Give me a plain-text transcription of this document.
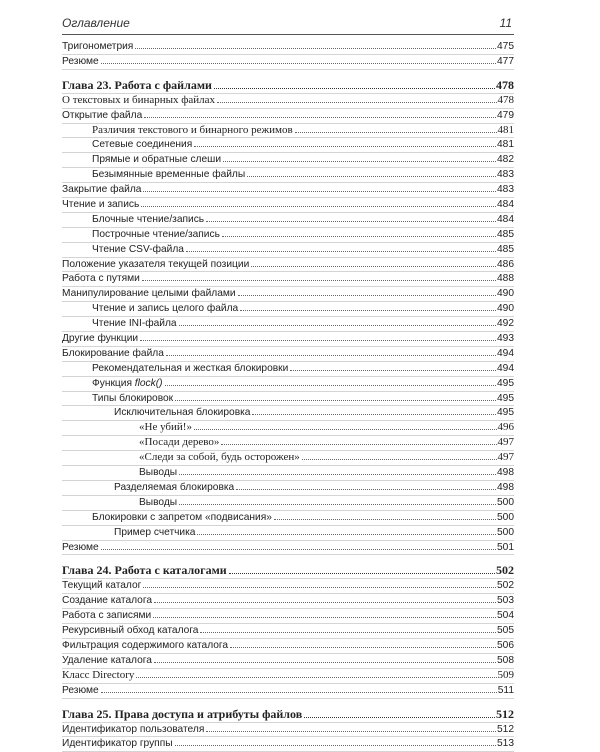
Оглавление	11
Тригонометрия	475
Резюме	477
Глава 23. Работа с файлами	478
О текстовых и бинарных файлах	478
Открытие файла	479
Различия текстового и бинарного режимов	481
Сетевые соединения	481
Прямые и обратные слеши	482
Безымянные временные файлы	483
Закрытие файла	483
Чтение и запись	484
Блочные чтение/запись	484
Построчные чтение/запись	485
Чтение CSV-файла	485
Положение указателя текущей позиции	486
Работа с путями	488
Манипулирование целыми файлами	490
Чтение и запись целого файла	490
Чтение INI-файла	492
Другие функции	493
Блокирование файла	494
Рекомендательная и жесткая блокировки	494
Функция flock()	495
Типы блокировок	495
Исключительная блокировка	495
«Не убий!»	496
«Посади дерево»	497
«Следи за собой, будь осторожен»	497
Выводы	498
Разделяемая блокировка	498
Выводы	500
Блокировки с запретом «подвисания»	500
Пример счетчика	500
Резюме	501
Глава 24. Работа с каталогами	502
Текущий каталог	502
Создание каталога	503
Работа с записями	504
Рекурсивный обход каталога	505
Фильтрация содержимого каталога	506
Удаление каталога	508
Класс Directory	509
Резюме	511
Глава 25. Права доступа и атрибуты файлов	512
Идентификатор пользователя	512
Идентификатор группы	513
